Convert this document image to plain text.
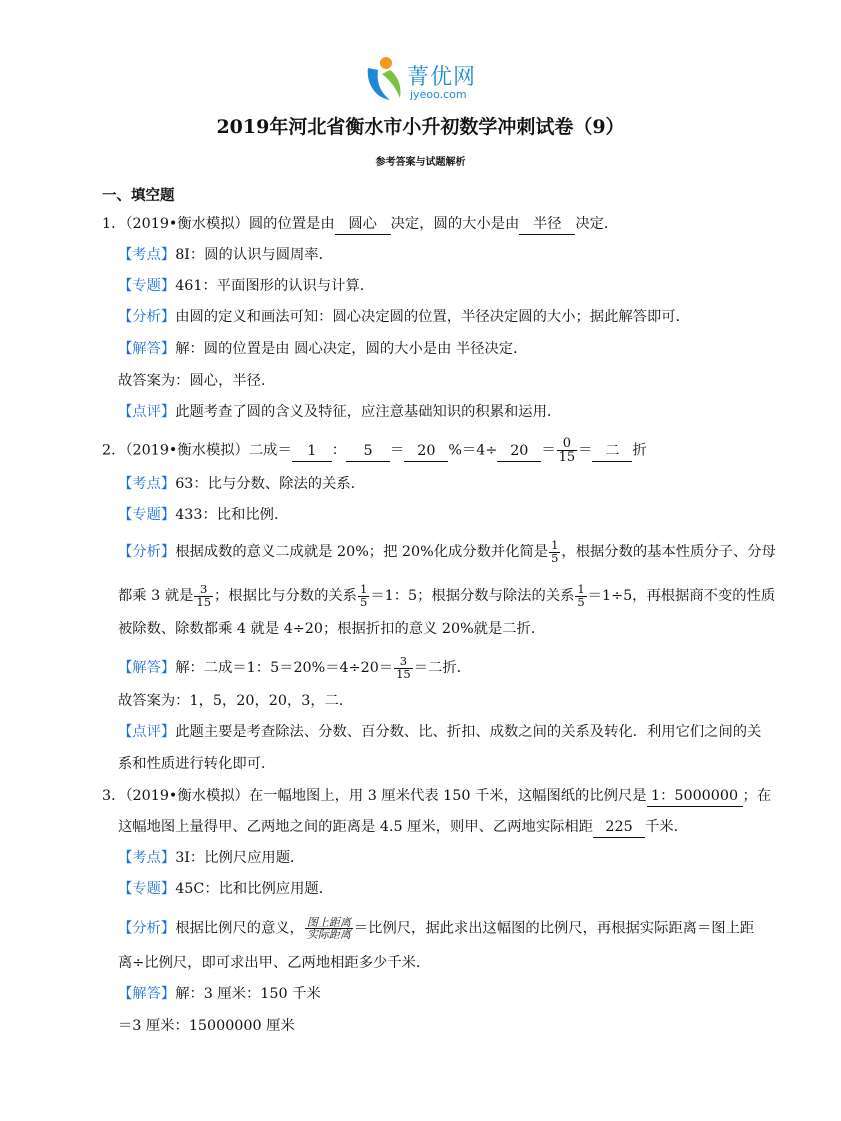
菁优网
jyeoo.com
2019年河北省衡水市小升初数学冲刺试卷（9）
参考答案与试题解析
一、填空题
1．（2019•衡水模拟）圆的位置是由 圆心 决定，圆的大小是由 半径 决定．
【考点】8I：圆的认识与圆周率．
【专题】461：平面图形的认识与计算．
【分析】由圆的定义和画法可知：圆心决定圆的位置，半径决定圆的大小；据此解答即可．
【解答】解：圆的位置是由 圆心决定，圆的大小是由 半径决定．
故答案为：圆心，半径．
【点评】此题考查了圆的含义及特征，应注意基础知识的积累和运用．
2．（2019•衡水模拟）二成＝ 1 ： 5 ＝ 20 $\%=4\div 20 = \frac{0}{15}$ ＝ 二 折
【考点】63：比与分数、除法的关系．
【专题】433：比和比例．
【分析】根据成数的意义二成就是 20%；把 20%化成分数并化简是 $\frac{1}{5}$ ，根据分数的基本性质分子、分母
都乘 3 就是 $\frac{3}{15}$ ；根据比与分数的关系 $\frac{1}{5} =1$：5；根据分数与除法的关系 $\frac{1}{5} =1\div 5$，再根据商不变的性质
被除数、除数都乘 4 就是 4÷20；根据折扣的意义 20%就是二折．
【解答】解：二成＝1：$5=20\%=4\div 20= \frac{3}{15}$ ＝二折．
故答案为：1，5，20，20，3，二．
【点评】此题主要是考查除法、分数、百分数、比、折扣、成数之间的关系及转化．利用它们之间的关
系和性质进行转化即可．
3．（2019•衡水模拟）在一幅地图上，用 3 厘米代表 150 千米，这幅图纸的比例尺是 1：5000000 ；在
这幅地图上量得甲、乙两地之间的距离是 4.5 厘米，则甲、乙两地实际相距 225 千米．
【考点】3I：比例尺应用题．
【专题】45C：比和比例应用题．
【分析】根据比例尺的意义， $\frac{\text{图上距离}}{\text{实际距离}}$ ＝比例尺，据此求出这幅图的比例尺，再根据实际距离＝图上距
离÷比例尺，即可求出甲、乙两地相距多少千米．
【解答】解：3 厘米：150 千米
＝3 厘米：15000000 厘米
